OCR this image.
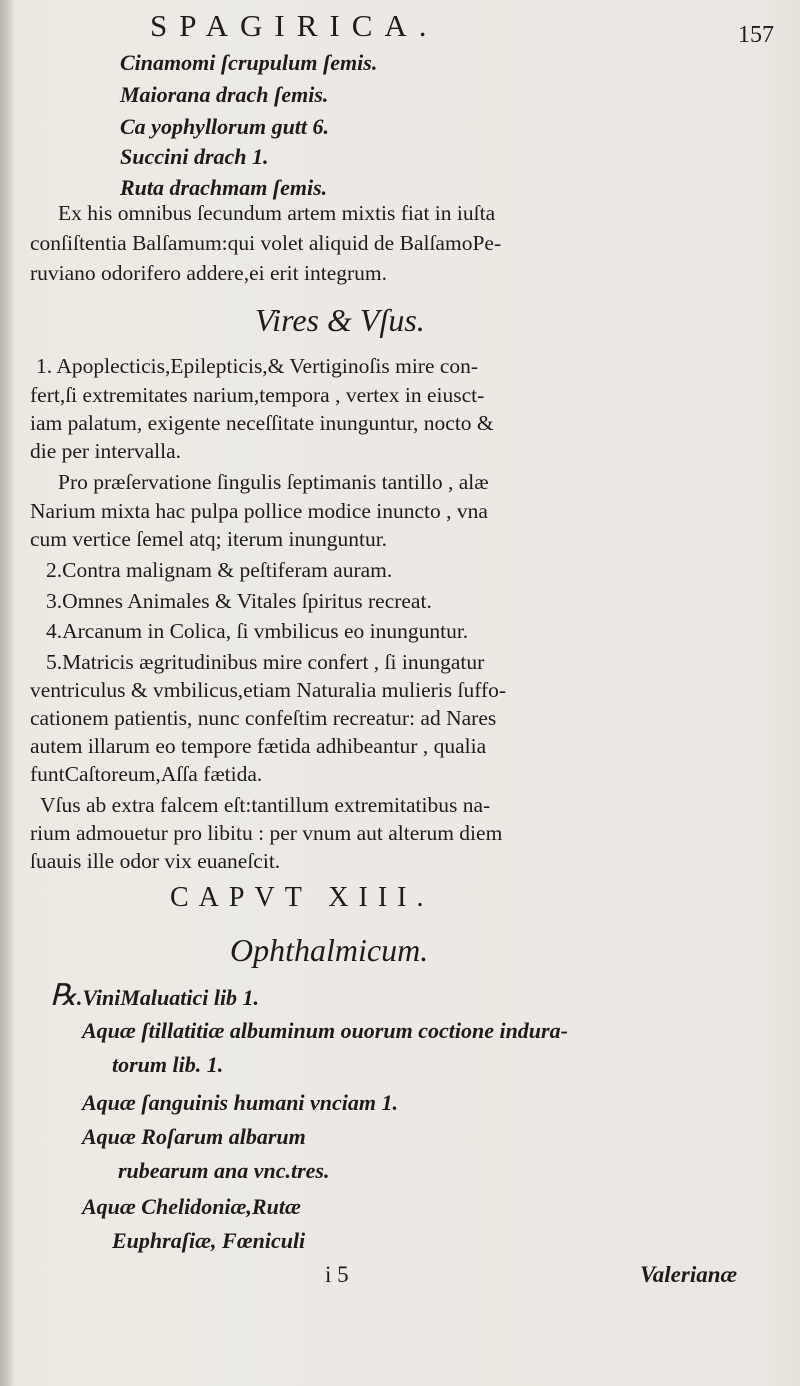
SPAGIRICA.	157
Cinamomi ſcrupulum ſemis.
Maiorana drach ſemis.
Ca yophyllorum gutt 6.
Succini drach 1.
Ruta drachmam ſemis.
Ex his omnibus ſecundum artem mixtis fiat in iuſta
conſiſtentia Balſamum:qui volet aliquid de BalſamoPe-
ruviano odorifero addere,ei erit integrum.
Vires & Vſus.
1. Apoplecticis,Epilepticis,& Vertiginoſis mire con-
fert,ſi extremitates narium,tempora , vertex in eiusct-
iam palatum, exigente neceſſitate inunguntur, nocto &
die per intervalla.
Pro præſervatione ſingulis ſeptimanis tantillo , alæ
Narium mixta hac pulpa pollice modice inuncto , vna
cum vertice ſemel atq; iterum inunguntur.
2.Contra malignam & peſtiferam auram.
3.Omnes Animales & Vitales ſpiritus recreat.
4.Arcanum in Colica, ſi vmbilicus eo inunguntur.
5.Matricis ægritudinibus mire confert , ſi inungatur
ventriculus & vmbilicus,etiam Naturalia mulieris ſuffo-
cationem patientis, nunc confeſtim recreatur: ad Nares
autem illarum eo tempore fætida adhibeantur , qualia
funtCaſtoreum,Aſſa fætida.
Vſus ab extra falcem eſt:tantillum extremitatibus na-
rium admouetur pro libitu : per vnum aut alterum diem
ſuauis ille odor vix euaneſcit.
CAPVT XIII.
Ophthalmicum.
℞.ViniMaluatici lib 1.
Aquæ ſtillatitiæ albuminum ouorum coctione indura-
torum lib. 1.
Aquæ ſanguinis humani vnciam 1.
Aquæ Roſarum albarum
rubearum ana vnc.tres.
Aquæ Chelidoniæ,Rutæ
Euphraſiæ, Fœniculi
i 5	Valerianæ
